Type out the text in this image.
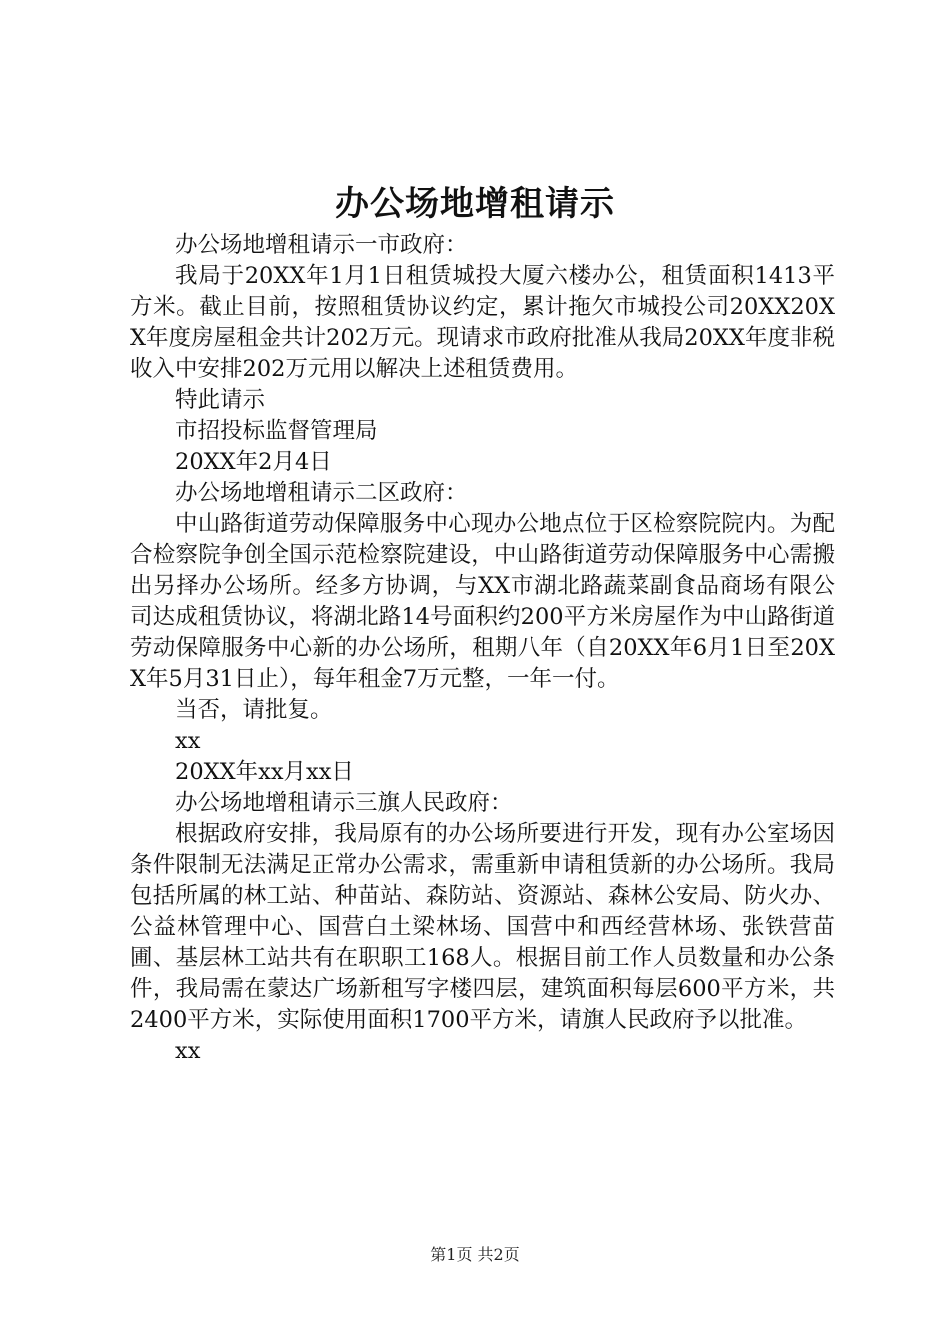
办公场地增租请示

办公场地增租请示一市政府：

我局于20XX年1月1日租赁城投大厦六楼办公，租赁面积1413平方米。截止目前，按照租赁协议约定，累计拖欠市城投公司20XX20XX年度房屋租金共计202万元。现请求市政府批准从我局20XX年度非税收入中安排202万元用以解决上述租赁费用。

特此请示

市招投标监督管理局

20XX年2月4日

办公场地增租请示二区政府：

中山路街道劳动保障服务中心现办公地点位于区检察院院内。为配合检察院争创全国示范检察院建设，中山路街道劳动保障服务中心需搬出另择办公场所。经多方协调，与XX市湖北路蔬菜副食品商场有限公司达成租赁协议，将湖北路14号面积约200平方米房屋作为中山路街道劳动保障服务中心新的办公场所，租期八年（自20XX年6月1日至20XX年5月31日止），每年租金7万元整，一年一付。

当否，请批复。

xx

20XX年xx月xx日

办公场地增租请示三旗人民政府：

根据政府安排，我局原有的办公场所要进行开发，现有办公室场因条件限制无法满足正常办公需求，需重新申请租赁新的办公场所。我局包括所属的林工站、种苗站、森防站、资源站、森林公安局、防火办、公益林管理中心、国营白土梁林场、国营中和西经营林场、张铁营苗圃、基层林工站共有在职职工168人。根据目前工作人员数量和办公条件，我局需在蒙达广场新租写字楼四层，建筑面积每层600平方米，共2400平方米，实际使用面积1700平方米，请旗人民政府予以批准。

xx

第1页 共2页
